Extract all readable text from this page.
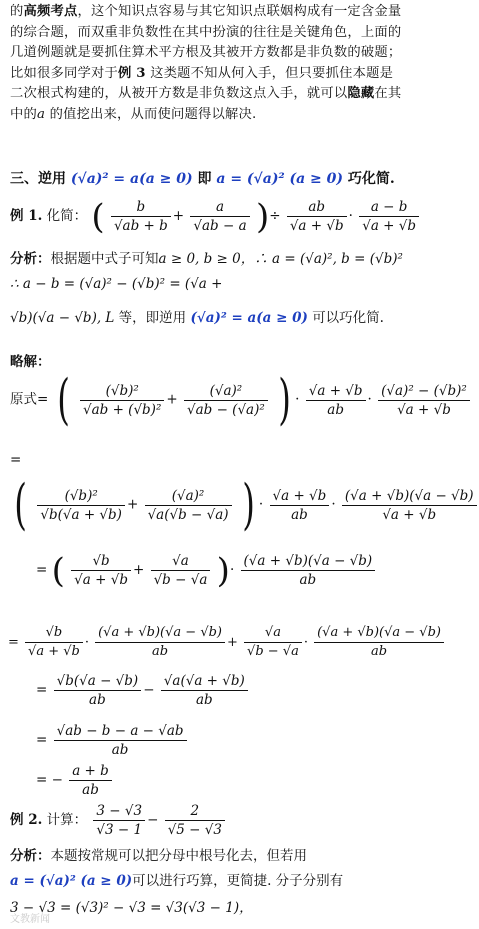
的高频考点，这个知识点容易与其它知识点联姻构成有一定含金量的综合题，而双重非负数性在其中扮演的往往是关键角色，上面的几道例题就是要抓住算术平方根及其被开方数都是非负数的破题；比如很多同学对于例 3 这类题不知从何入手，但只要抓住本题是二次根式构建的，从被开方数是非负数这点入手，就可以隐藏在其中的a 的值挖出来，从而使问题得以解决.
三、逆用 (√a)² = a(a ≥ 0) 即 a = (√a)² (a ≥ 0) 巧化简.
例 1. 化简： ( $\frac{b}{√ab + b} + \frac{a}{√ab - a}$ )÷ $\frac{ab}{√a + √b} \cdot \frac{a - b}{√a + √b}$
分析：根据题中式子可知a ≥ 0, b ≥ 0，∴ a = (√a)², b = (√b)²
∴ a − b = (√a)² − (√b)² = (√a +
√b)(√a − √b), L 等，即逆用 (√a)² = a(a ≥ 0) 可以巧化简.
略解：
原式= ( $\frac{\text{(√b)²}}{\text{√ab + (√b)²}} + \frac{\text{(√a)²}}{\text{√ab − (√a)²}}$ ) · $\frac{√a + √b}{ab} \cdot \frac{\text{(√a)² − (√b)²}}{√a + √b}$
=
( $\frac{\text{(√b)²}}{√b(√a + √b)} + \frac{\text{(√a)²}}{√a(√b - √a)}$ ) · $\frac{√a + √b}{ab} \cdot \frac{(√a + √b)(√a - √b)}{√a + √b}$
= ( $\frac{√b}{√a + √b} + \frac{√a}{√b - √a}$ )· $\frac{(√a + √b)(√a - √b)}{ab}$
= $\frac{√b}{√a + √b} \cdot \frac{(√a + √b)(√a - √b)}{ab} + \frac{√a}{√b - √a} \cdot \frac{(√a + √b)(√a - √b)}{ab}$
= $\frac{√b(√a - √b)}{ab} - \frac{√a(√a + √b)}{ab}$
= $\frac{√ab - b - a - √ab}{ab}$
= − $\frac{a + b}{ab}$
例 2. 计算： $\frac{3 - √3}{√3 - 1} - \frac{2}{√5 - √3}$
分析：本题按常规可以把分母中根号化去，但若用
a = (√a)² (a ≥ 0)可以进行巧算，更简捷. 分子分别有
3 − √3 = (√3)² − √3 = √3(√3 − 1)，
文教新闻
